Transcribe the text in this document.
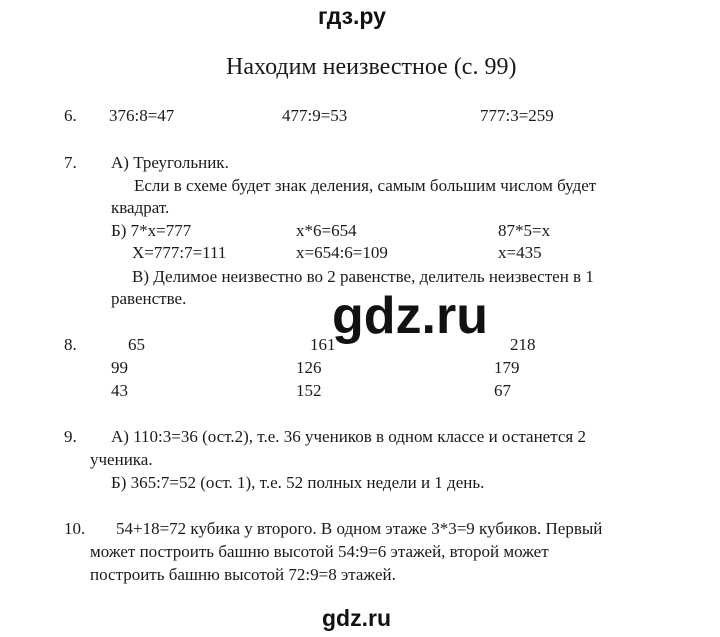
гдз.ру
Находим неизвестное (с. 99)
6. 376:8=47	477:9=53	777:3=259
7. А) Треугольник.
Если в схеме будет знак деления, самым большим числом будет
квадрат.
Б) 7*х=777	х*6=654	87*5=х
Х=777:7=111	х=654:6=109	х=435
В) Делимое неизвестно во 2 равенстве, делитель неизвестен в 1
равенстве.	gdz.ru
8.	65	161	218
99	126	179
43	152	67
9. А) 110:3=36 (ост.2), т.е. 36 учеников в одном классе и останется 2
ученика.
Б) 365:7=52 (ост. 1), т.е. 52 полных недели и 1 день.
10. 54+18=72 кубика у второго. В одном этаже 3*3=9 кубиков. Первый
может построить башню высотой 54:9=6 этажей, второй может
построить башню высотой 72:9=8 этажей.
gdz.ru
